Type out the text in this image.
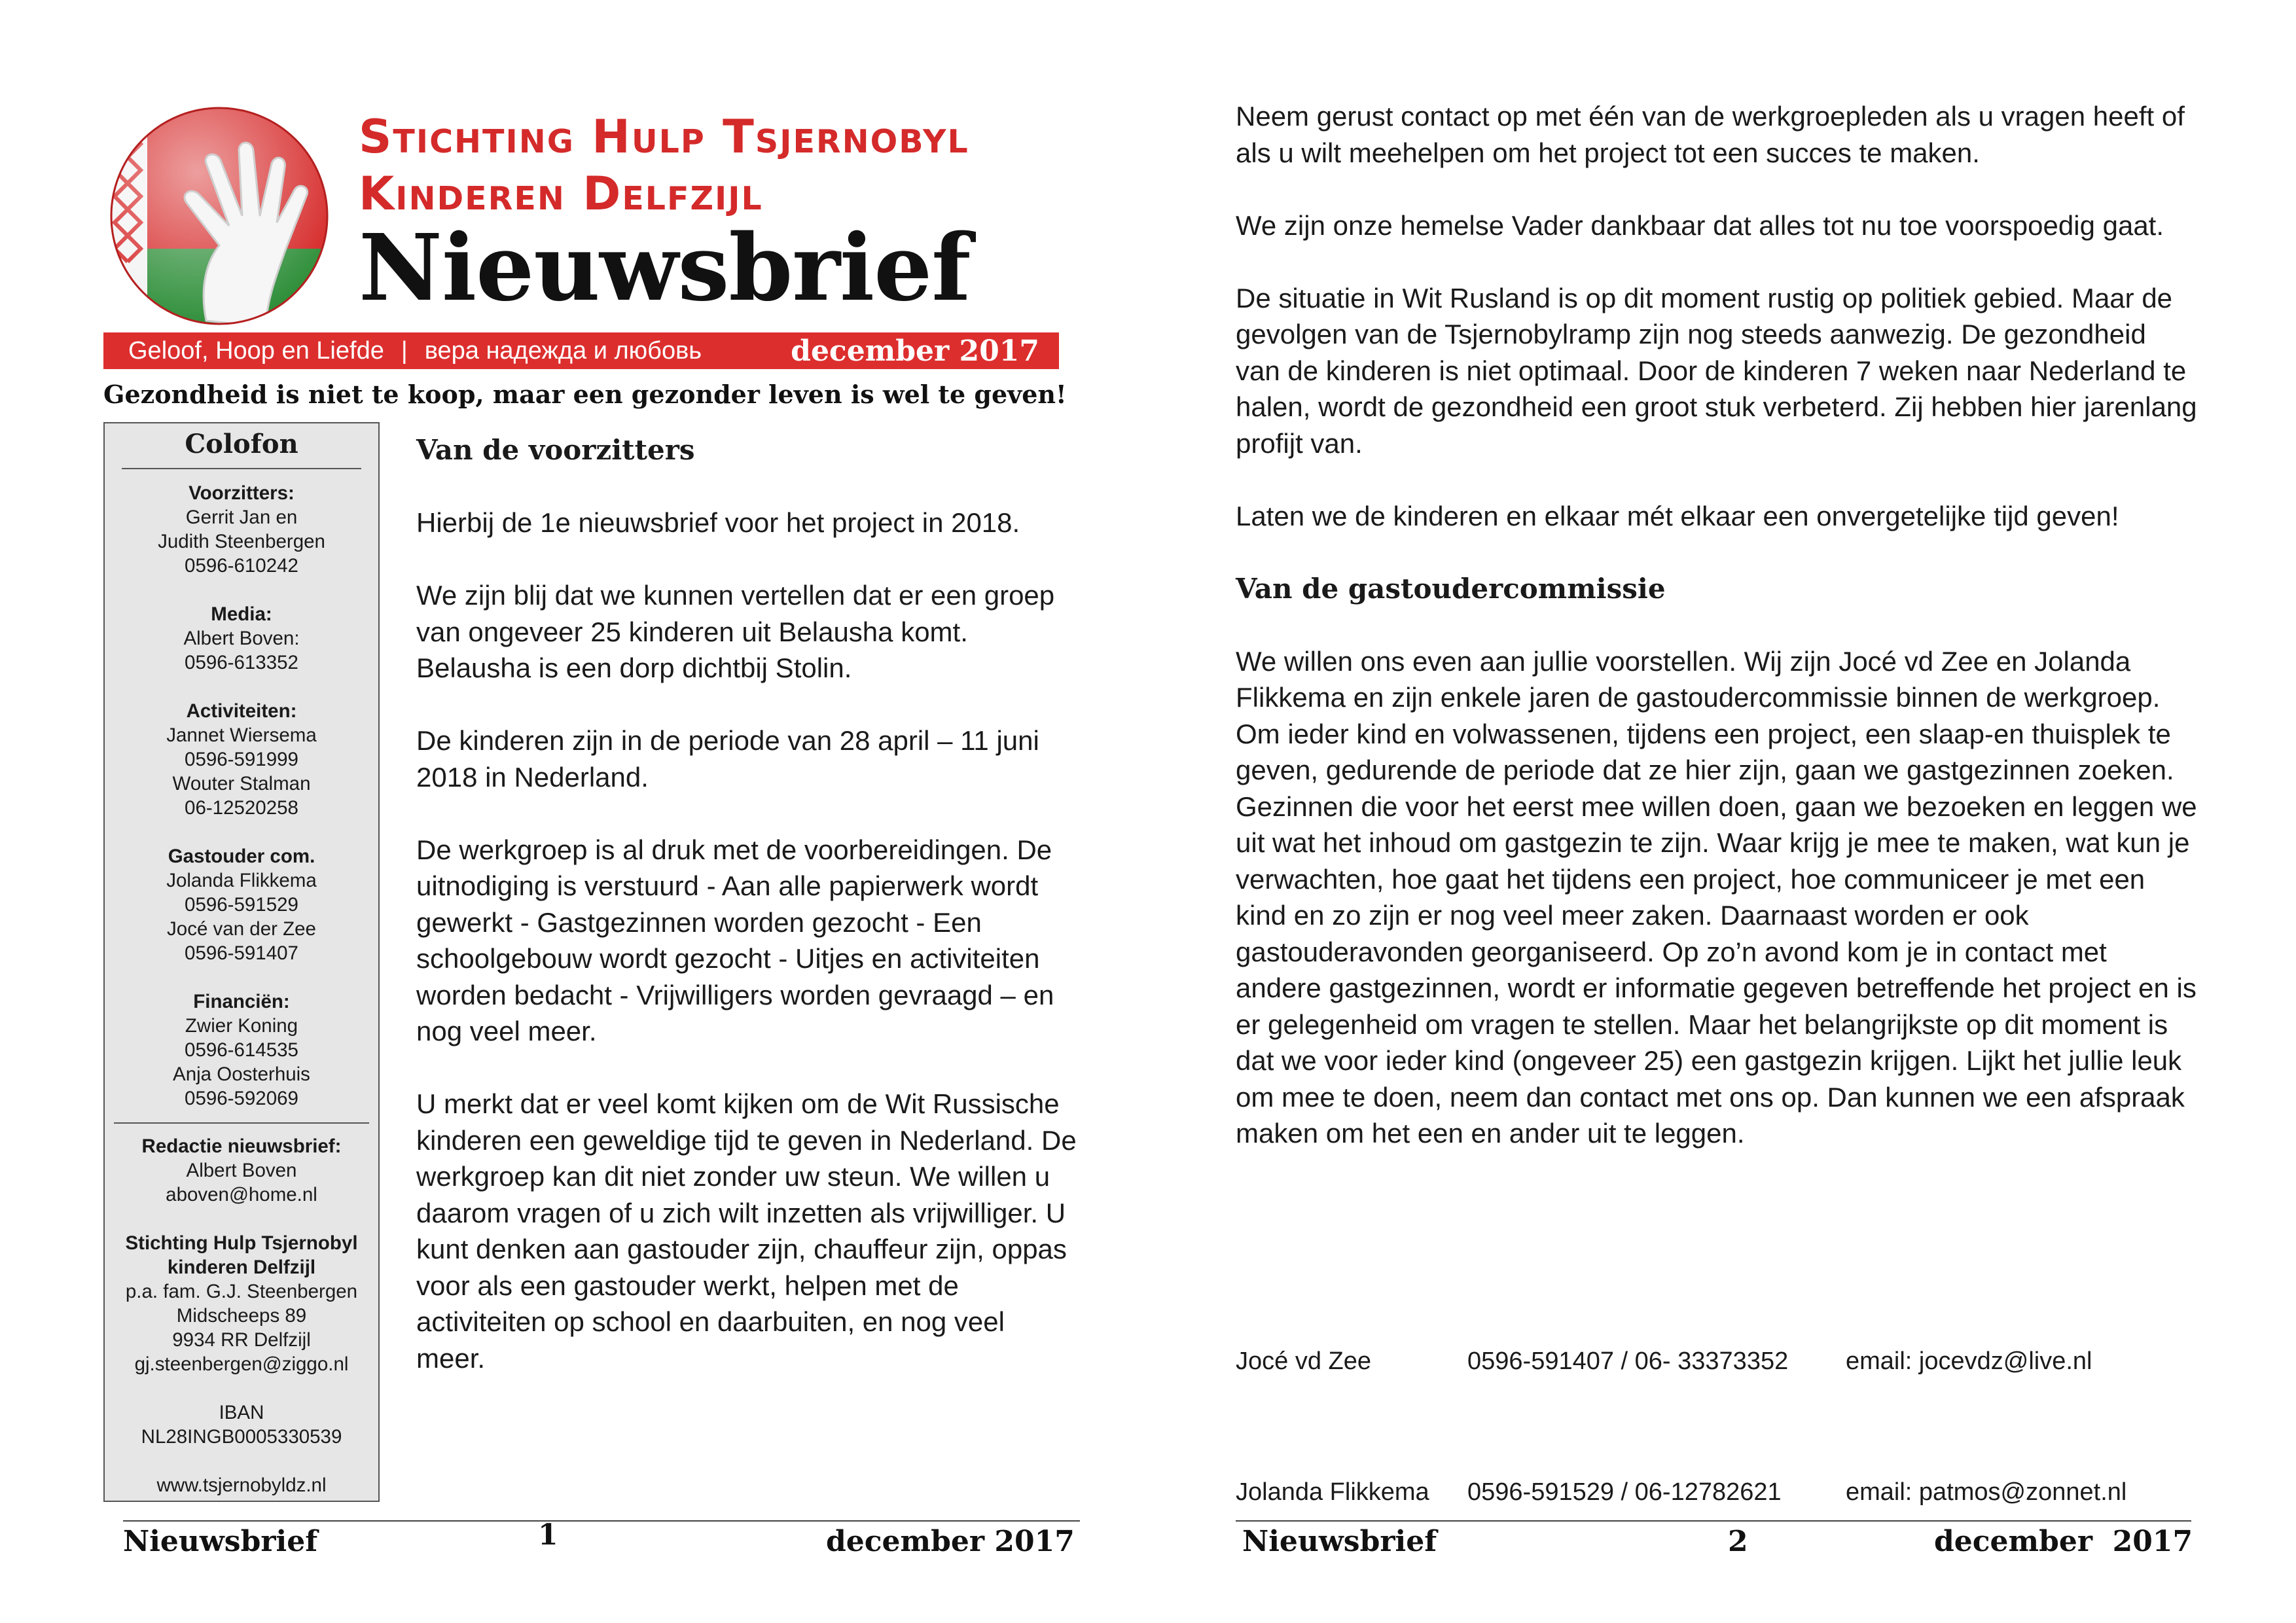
Stichting Hulp Tsjernobyl
Kinderen Delfzijl
Nieuwsbrief
Geloof, Hoop en Liefde | вера надежда и любовь	december 2017
Gezondheid is niet te koop, maar een gezonder leven is wel te geven!
Colofon
Voorzitters:
Gerrit Jan en
Judith Steenbergen
0596-610242
Media:
Albert Boven:
0596-613352
Activiteiten:
Jannet Wiersema
0596-591999
Wouter Stalman
06-12520258
Gastouder com.
Jolanda Flikkema
0596-591529
Jocé van der Zee
0596-591407
Financiën:
Zwier Koning
0596-614535
Anja Oosterhuis
0596-592069
Redactie nieuwsbrief:
Albert Boven
aboven@home.nl
Stichting Hulp Tsjernobyl
kinderen Delfzijl
p.a. fam. G.J. Steenbergen
Midscheeps 89
9934 RR Delfzijl
gj.steenbergen@ziggo.nl
IBAN
NL28INGB0005330539
www.tsjernobyldz.nl

Van de voorzitters

Hierbij de 1e nieuwsbrief voor het project in 2018.

We zijn blij dat we kunnen vertellen dat er een groep van ongeveer 25 kinderen uit Belausha komt. Belausha is een dorp dichtbij Stolin.

De kinderen zijn in de periode van 28 april – 11 juni 2018 in Nederland.

De werkgroep is al druk met de voorbereidingen. De uitnodiging is verstuurd - Aan alle papierwerk wordt gewerkt - Gastgezinnen worden gezocht - Een schoolgebouw wordt gezocht - Uitjes en activiteiten worden bedacht - Vrijwilligers worden gevraagd – en nog veel meer.

U merkt dat er veel komt kijken om de Wit Russische kinderen een geweldige tijd te geven in Nederland. De werkgroep kan dit niet zonder uw steun. We willen u daarom vragen of u zich wilt inzetten als vrijwilliger. U kunt denken aan gastouder zijn, chauffeur zijn, oppas voor als een gastouder werkt, helpen met de activiteiten op school en daarbuiten, en nog veel meer.

Nieuwsbrief	1	december 2017

Neem gerust contact op met één van de werkgroepleden als u vragen heeft of als u wilt meehelpen om het project tot een succes te maken.

We zijn onze hemelse Vader dankbaar dat alles tot nu toe voorspoedig gaat.

De situatie in Wit Rusland is op dit moment rustig op politiek gebied. Maar de gevolgen van de Tsjernobylramp zijn nog steeds aanwezig. De gezondheid van de kinderen is niet optimaal. Door de kinderen 7 weken naar Nederland te halen, wordt de gezondheid een groot stuk verbeterd. Zij hebben hier jarenlang profijt van.

Laten we de kinderen en elkaar mét elkaar een onvergetelijke tijd geven!

Van de gastoudercommissie

We willen ons even aan jullie voorstellen. Wij zijn Jocé vd Zee en Jolanda Flikkema en zijn enkele jaren de gastoudercommissie binnen de werkgroep. Om ieder kind en volwassenen, tijdens een project, een slaap-en thuisplek te geven, gedurende de periode dat ze hier zijn, gaan we gastgezinnen zoeken. Gezinnen die voor het eerst mee willen doen, gaan we bezoeken en leggen we uit wat het inhoud om gastgezin te zijn. Waar krijg je mee te maken, wat kun je verwachten, hoe gaat het tijdens een project, hoe communiceer je met een kind en zo zijn er nog veel meer zaken. Daarnaast worden er ook gastouderavonden georganiseerd. Op zo’n avond kom je in contact met andere gastgezinnen, wordt er informatie gegeven betreffende het project en is er gelegenheid om vragen te stellen. Maar het belangrijkste op dit moment is dat we voor ieder kind (ongeveer 25) een gastgezin krijgen. Lijkt het jullie leuk om mee te doen, neem dan contact met ons op. Dan kunnen we een afspraak maken om het een en ander uit te leggen.

Jocé vd Zee	0596-591407 / 06- 33373352 email: jocevdz@live.nl

Jolanda Flikkema 0596-591529 / 06-12782621	email: patmos@zonnet.nl

Nieuwsbrief	2	december  2017
